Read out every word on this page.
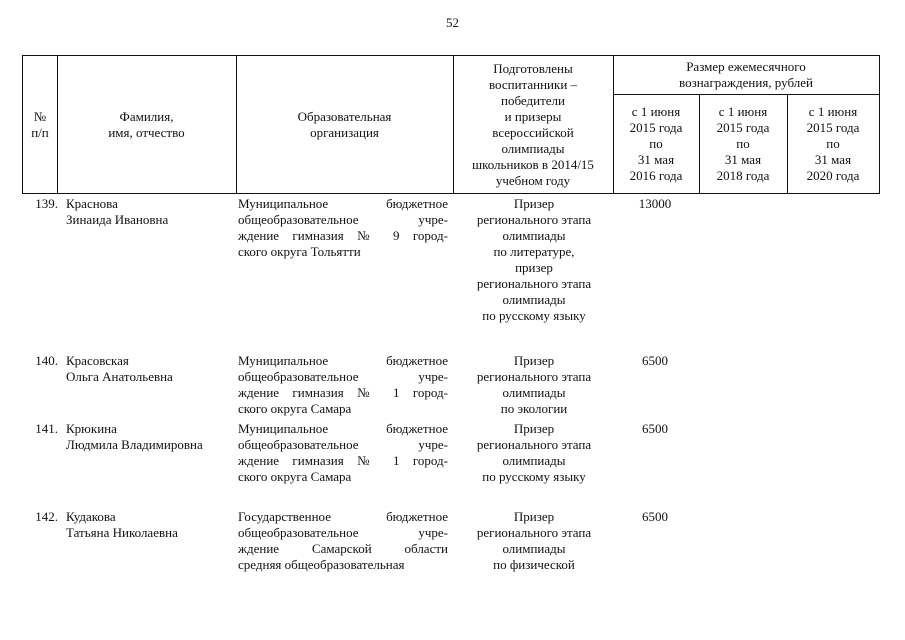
52
№
п/п
Фамилия,
имя, отчество
Образовательная
организация
Подготовлены
воспитанники –
победители
и призеры
всероссийской
олимпиады
школьников в 2014/15
учебном году
Размер ежемесячного
вознаграждения, рублей
с 1 июня
2015 года
по
31 мая
2016 года
с 1 июня
2015 года
по
31 мая
2018 года
с 1 июня
2015 года
по
31 мая
2020 года
139. Краснова
Зинаида Ивановна
Муниципальное бюджетное
общеобразовательное учре-
ждение гимназия № 9 город-
ского округа Тольятти
Призер
регионального этапа
олимпиады
по литературе,
призер
регионального этапа
олимпиады
по русскому языку
13000
140. Красовская
Ольга Анатольевна
Муниципальное бюджетное
общеобразовательное учре-
ждение гимназия № 1 город-
ского округа Самара
Призер
регионального этапа
олимпиады
по экологии
6500
141. Крюкина
Людмила Владимировна
Муниципальное бюджетное
общеобразовательное учре-
ждение гимназия № 1 город-
ского округа Самара
Призер
регионального этапа
олимпиады
по русскому языку
6500
142. Кудакова
Татьяна Николаевна
Государственное бюджетное
общеобразовательное учре-
ждение Самарской области
средняя общеобразовательная
Призер
регионального этапа
олимпиады
по физической
6500
